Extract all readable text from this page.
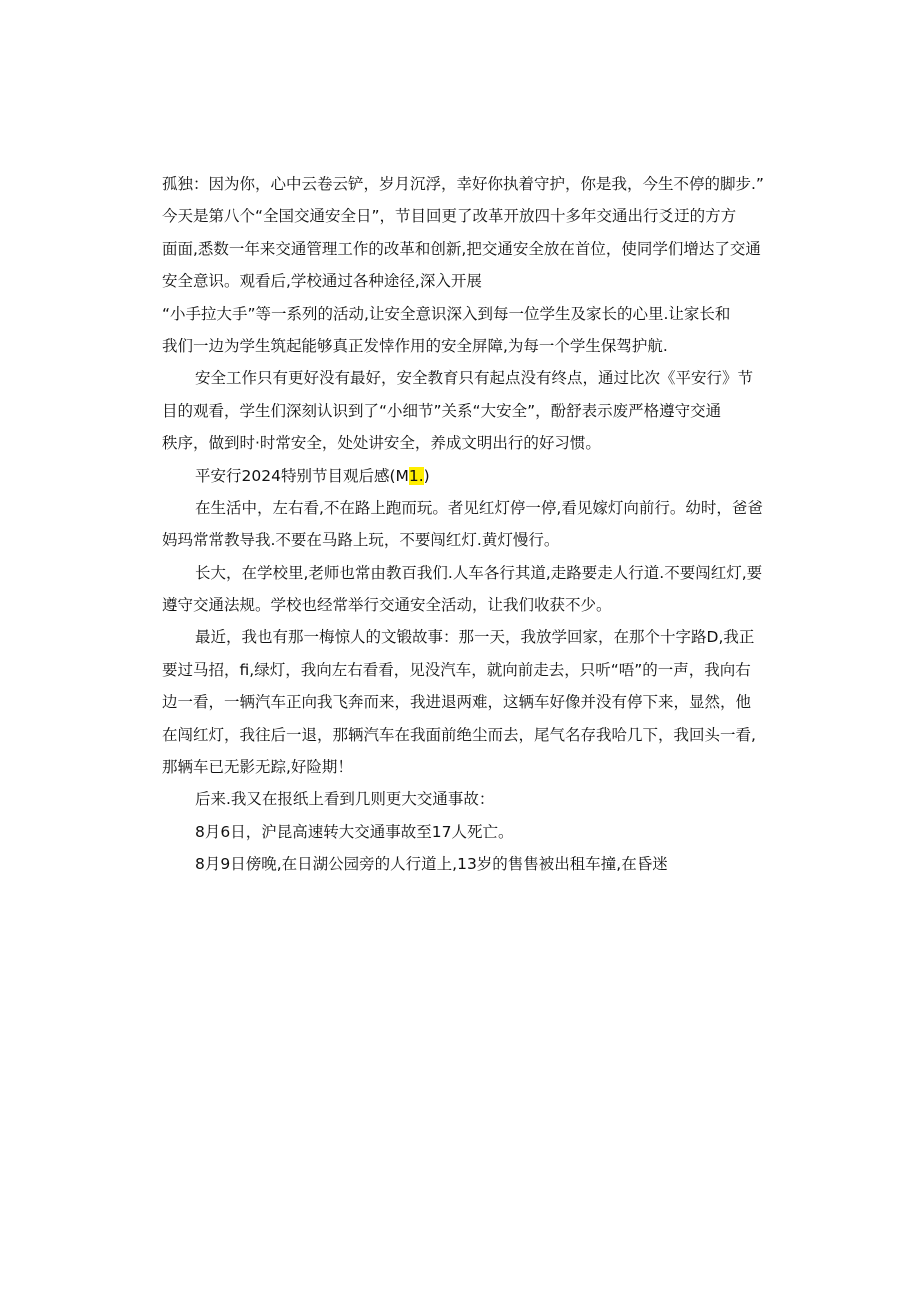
孤独：因为你，心中云卷云铲，岁月沉浮，幸好你执着守护，你是我，今生不停的脚步.”
今天是第八个“全国交通安全日”，节目回更了改革开放四十多年交通出行爻迂的方方
面面,悉数一年来交通管理工作的改革和创新,把交通安全放在首位，使同学们增达了交通
安全意识。观看后,学校通过各种途径,深入开展
“小手拉大手”等一系列的活动,让安全意识深入到每一位学生及家长的心里.让家长和
我们一边为学生筑起能够真正发悻作用的安全屏障,为每一个学生保驾护航.
安全工作只有更好没有最好，安全教育只有起点没有终点，通过比次《平安行》节
目的观看，学生们深刻认识到了“小细节”关系“大安全”，酚舒表示废严格遵守交通
秩序，做到时·时常安全，处处讲安全，养成文明出行的好习惯。
平安行2024特别节目观后感(M1.)
在生活中，左右看,不在路上跑而玩。者见红灯停一停,看见嫁灯向前行。幼时，爸爸
妈玛常常教导我.不要在马路上玩，不要闯红灯.黄灯慢行。
长大，在学校里,老师也常由教百我们.人车各行其道,走路要走人行道.不要闯红灯,要
遵守交通法规。学校也经常举行交通安全活动，让我们收获不少。
最近，我也有那一梅惊人的文锻故事：那一天，我放学回家，在那个十字路D,我正
要过马招，fi,绿灯，我向左右看看，见没汽车，就向前走去，只听“唔”的一声，我向右
边一看，一辆汽车正向我飞奔而来，我进退两难，这辆车好像并没有停下来，显然，他
在闯红灯，我往后一退，那辆汽车在我面前绝尘而去，尾气名存我哈几下，我回头一看,
那辆车已无影无踪,好险期！
后来.我又在报纸上看到几则更大交通事故：
8月6日，沪昆高速转大交通事故至17人死亡。
8月9日傍晚,在日湖公园旁的人行道上,13岁的售售被出租车撞,在昏迷
